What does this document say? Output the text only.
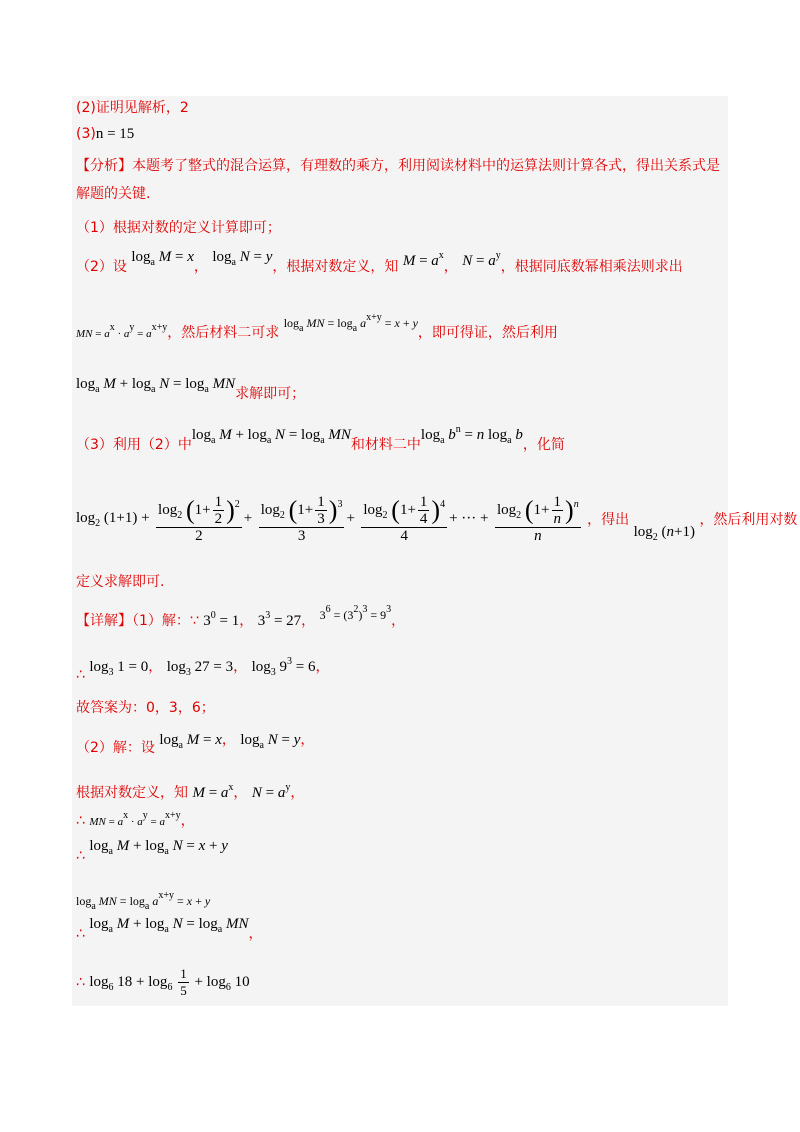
(2)证明见解析，2
(3)n = 15
【分析】本题考了整式的混合运算，有理数的乘方，利用阅读材料中的运算法则计算各式，得出关系式是
解题的关键.
（1）根据对数的定义计算即可；
（2）设 $\log_a M = x$， $\log_a N = y$，根据对数定义，知 $M = a^x$， $N = a^y$，根据同底数幂相乘法则求出
MN = ax · ay = ax+y，然后材料二可求 $\log_a$ MN = $\log_a a^{x+y} = x + y$，即可得证，然后利用
$\log_a M + \log_a N = \log_a$ MN求解即可；
（3）利用（2）中$\log_a M + \log_a N = \log_a$ MN和材料二中$\log_a b^n = n$ $\log_a b$，化简
$\log_2 (1+1) + \frac{\log_2 (1+ \frac{1}{2} )^2}{2} + \frac{\log_2 (1+ \frac{1}{3} )^3}{3} + \frac{\log_2 (1+ \frac{1}{4} )^4}{4}$ + ··· + $\frac{\log_2 (1+ \frac{1}{n} )^n}{n}$ ，得出 $\log_2 (n+1)$ ，然后利用对数
定义求解即可.
【详解】（1）解：∵ $3^0 = 1$， $3^3 = 27$， $3^6 = (3^2)^3 = 9^3$，
∴ $\log_3 1 = 0$， $\log_3 27 = 3$， $\log_3 9^3 = 6$，
故答案为：0，3，6；
（2）解：设 $\log_a M = x$， $\log_a N = y$，
根据对数定义，知 $M = a^x$， $N = a^y$，
∴ MN = ax · ay = ax+y，
∴ $\log_a M + \log_a N = x + y$
$\log_a$ MN = $\log_a a^{x+y} = x + y$
∴ $\log_a M + \log_a N = \log_a$ MN，
∴ $\log_6 18 + \log_6 \frac{1}{5} + \log_6 10$
